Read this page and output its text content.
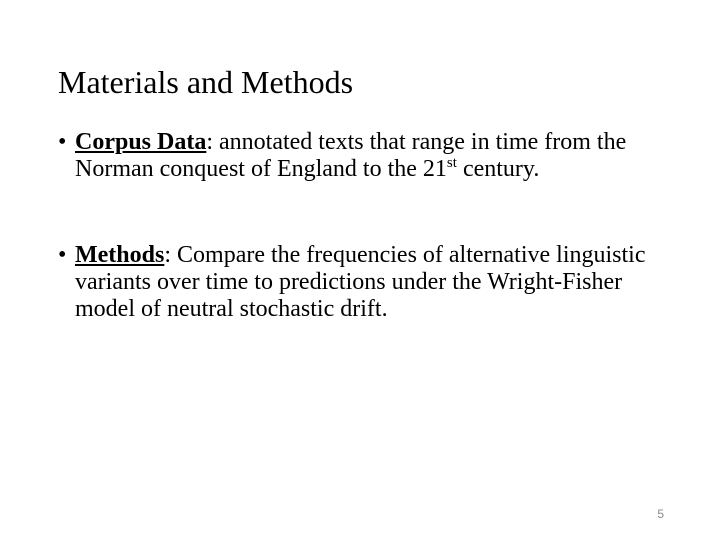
Materials and Methods
• Corpus Data: annotated texts that range in time from the Norman conquest of England to the 21st century.
• Methods: Compare the frequencies of alternative linguistic variants over time to predictions under the Wright-Fisher model of neutral stochastic drift.
5
